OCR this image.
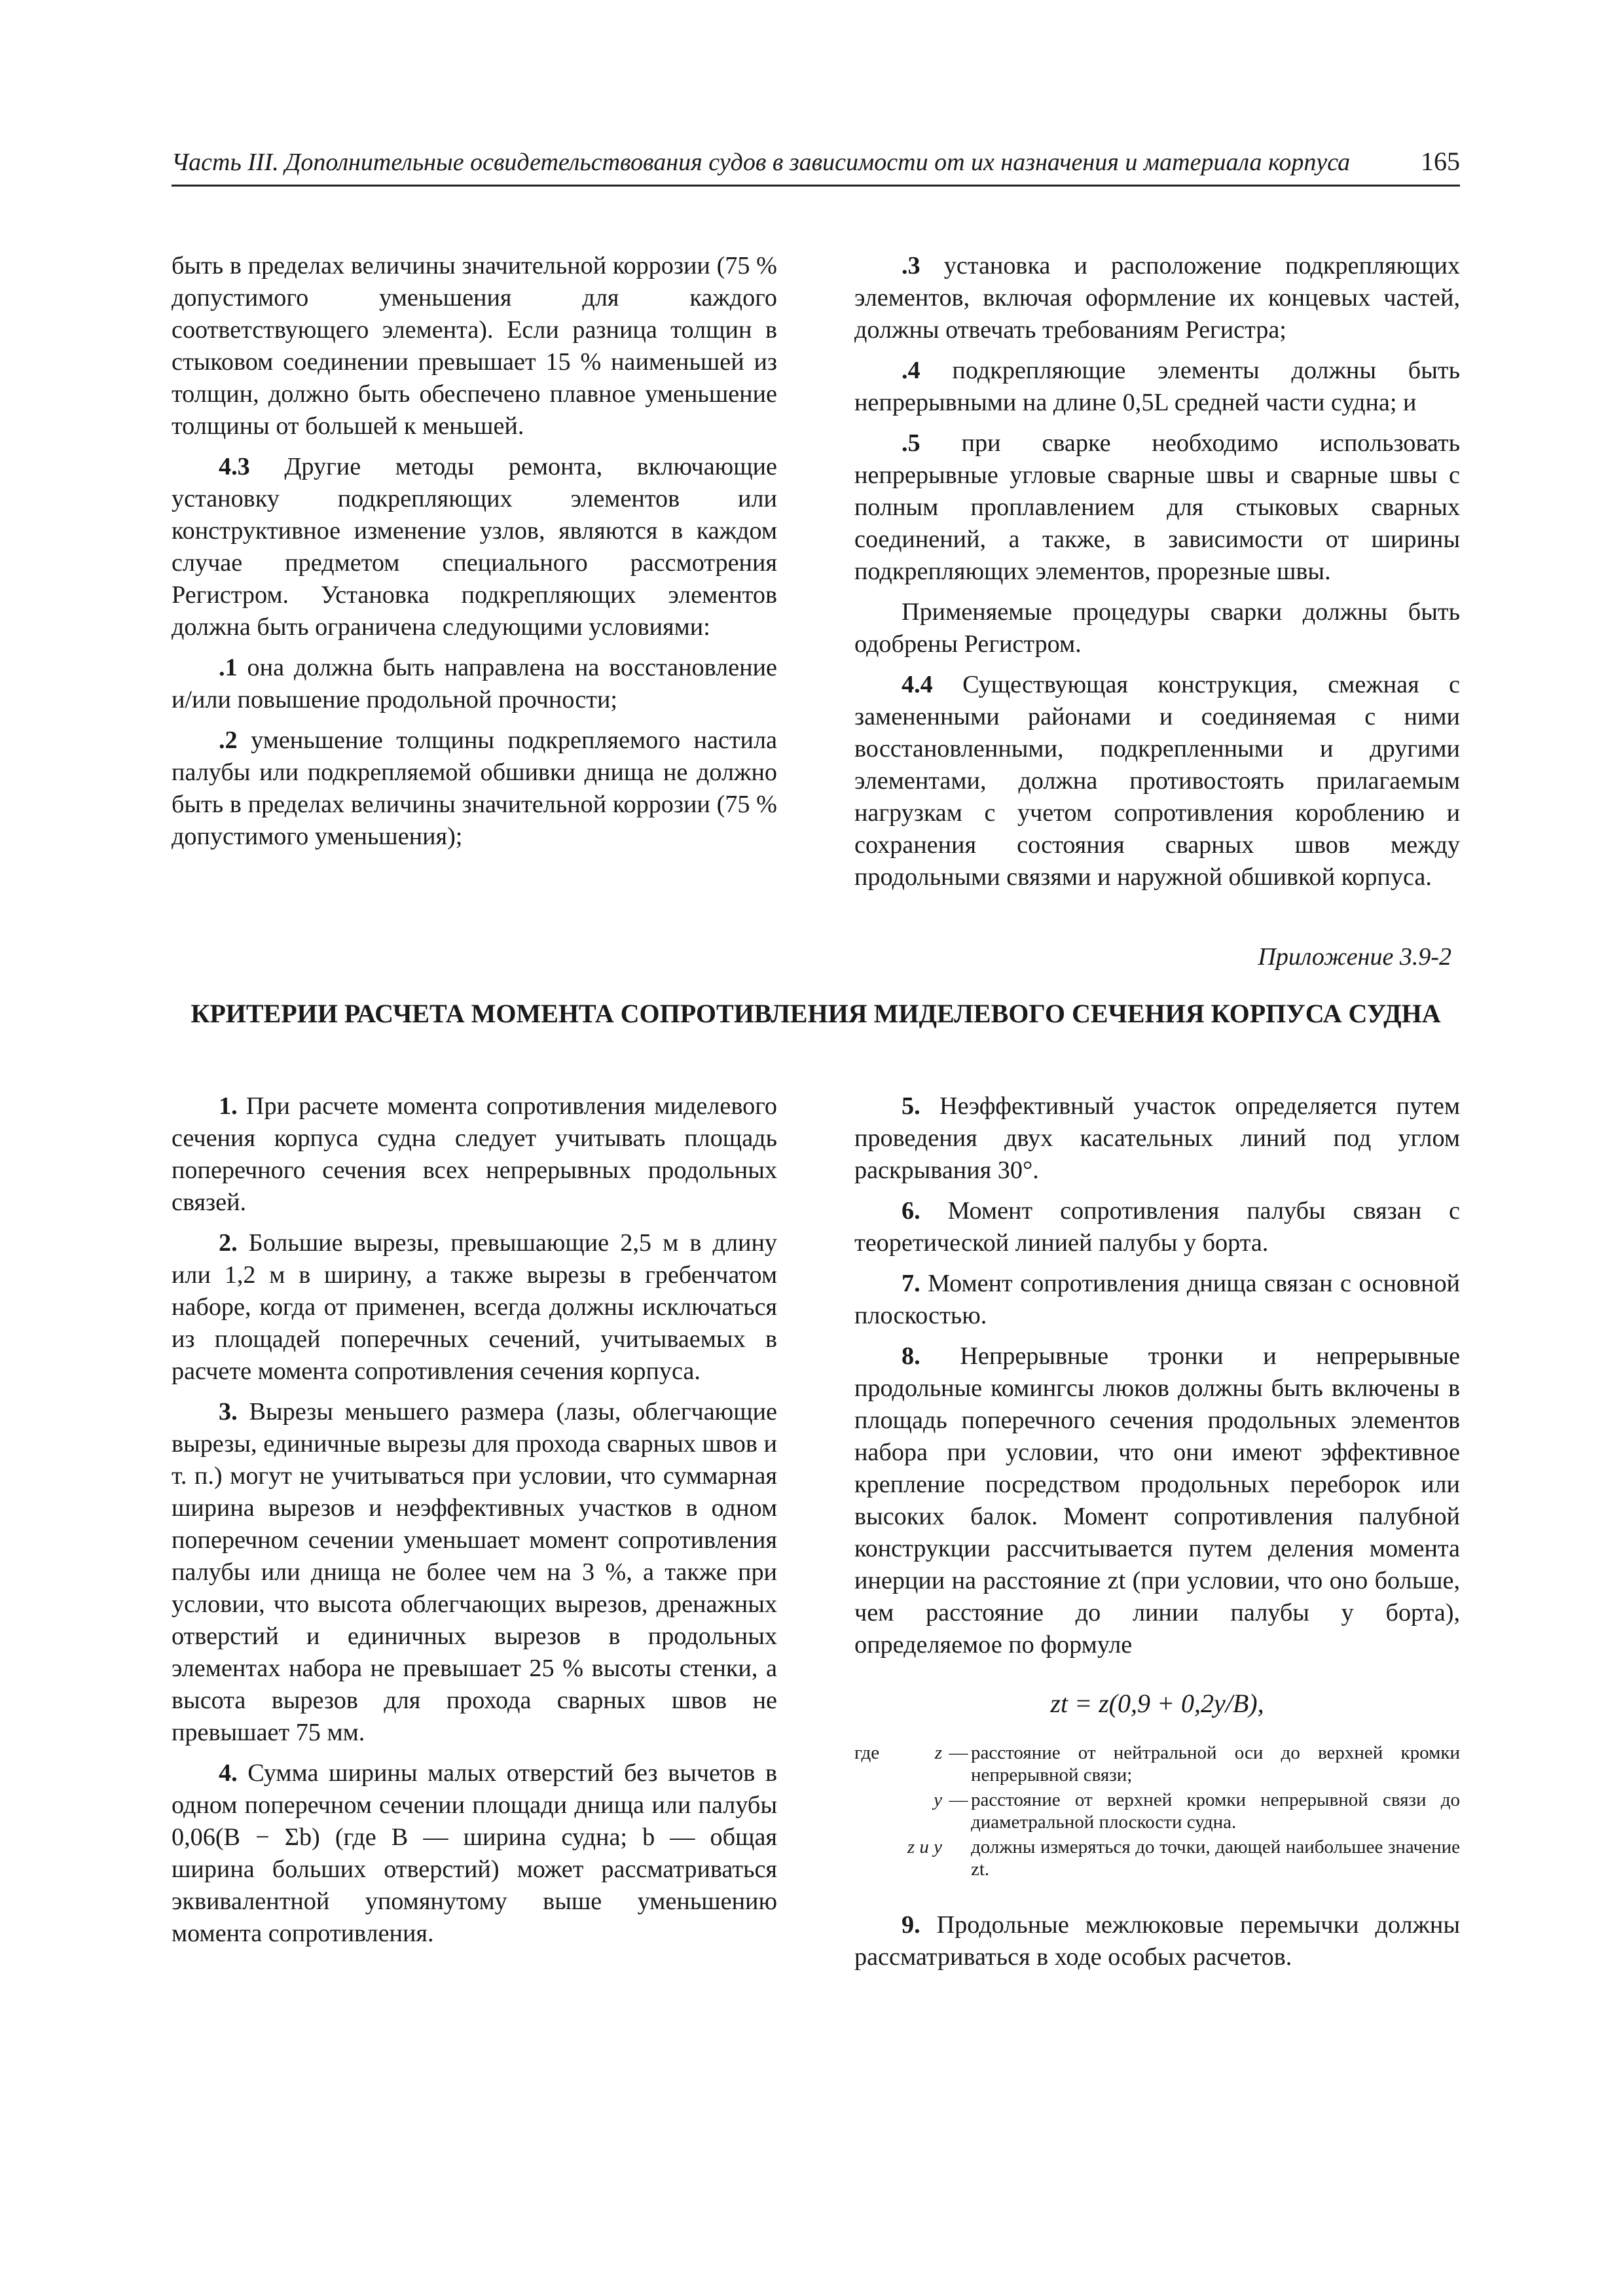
Часть III. Дополнительные освидетельствования судов в зависимости от их назначения и материала корпуса	165

быть в пределах величины значительной коррозии (75 % допустимого уменьшения для каждого соответствующего элемента). Если разница толщин в стыковом соединении превышает 15 % наименьшей из толщин, должно быть обеспечено плавное уменьшение толщины от большей к меньшей.

4.3 Другие методы ремонта, включающие установку подкрепляющих элементов или конструктивное изменение узлов, являются в каждом случае предметом специального рассмотрения Регистром. Установка подкрепляющих элементов должна быть ограничена следующими условиями:

.1 она должна быть направлена на восстановление и/или повышение продольной прочности;

.2 уменьшение толщины подкрепляемого настила палубы или подкрепляемой обшивки днища не должно быть в пределах величины значительной коррозии (75 % допустимого уменьшения);

.3 установка и расположение подкрепляющих элементов, включая оформление их концевых частей, должны отвечать требованиям Регистра;

.4 подкрепляющие элементы должны быть непрерывными на длине 0,5L средней части судна; и

.5 при сварке необходимо использовать непрерывные угловые сварные швы и сварные швы с полным проплавлением для стыковых сварных соединений, а также, в зависимости от ширины подкрепляющих элементов, прорезные швы.

Применяемые процедуры сварки должны быть одобрены Регистром.

4.4 Существующая конструкция, смежная с замененными районами и соединяемая с ними восстановленными, подкрепленными и другими элементами, должна противостоять прилагаемым нагрузкам с учетом сопротивления короблению и сохранения состояния сварных швов между продольными связями и наружной обшивкой корпуса.

Приложение 3.9-2
КРИТЕРИИ РАСЧЕТА МОМЕНТА СОПРОТИВЛЕНИЯ МИДЕЛЕВОГО СЕЧЕНИЯ КОРПУСА СУДНА

1. При расчете момента сопротивления миделевого сечения корпуса судна следует учитывать площадь поперечного сечения всех непрерывных продольных связей.

2. Большие вырезы, превышающие 2,5 м в длину или 1,2 м в ширину, а также вырезы в гребенчатом наборе, когда от применен, всегда должны исключаться из площадей поперечных сечений, учитываемых в расчете момента сопротивления сечения корпуса.

3. Вырезы меньшего размера (лазы, облегчающие вырезы, единичные вырезы для прохода сварных швов и т. п.) могут не учитываться при условии, что суммарная ширина вырезов и неэффективных участков в одном поперечном сечении уменьшает момент сопротивления палубы или днища не более чем на 3 %, а также при условии, что высота облегчающих вырезов, дренажных отверстий и единичных вырезов в продольных элементах набора не превышает 25 % высоты стенки, а высота вырезов для прохода сварных швов не превышает 75 мм.

4. Сумма ширины малых отверстий без вычетов в одном поперечном сечении площади днища или палубы 0,06(B − Σb) (где B — ширина судна; b — общая ширина больших отверстий) может рассматриваться эквивалентной упомянутому выше уменьшению момента сопротивления.

5. Неэффективный участок определяется путем проведения двух касательных линий под углом раскрывания 30°.

6. Момент сопротивления палубы связан с теоретической линией палубы у борта.

7. Момент сопротивления днища связан с основной плоскостью.

8. Непрерывные тронки и непрерывные продольные комингсы люков должны быть включены в площадь поперечного сечения продольных элементов набора при условии, что они имеют эффективное крепление посредством продольных переборок или высоких балок. Момент сопротивления палубной конструкции рассчитывается путем деления момента инерции на расстояние zt (при условии, что оно больше, чем расстояние до линии палубы у борта), определяемое по формуле

zt = z(0,9 + 0,2y/B),
где	z — расстояние от нейтральной оси до верхней кромки непрерывной связи;
y — расстояние от верхней кромки непрерывной связи до диаметральной плоскости судна.
z и y должны измеряться до точки, дающей наибольшее значение zt.

9. Продольные межлюковые перемычки должны рассматриваться в ходе особых расчетов.
